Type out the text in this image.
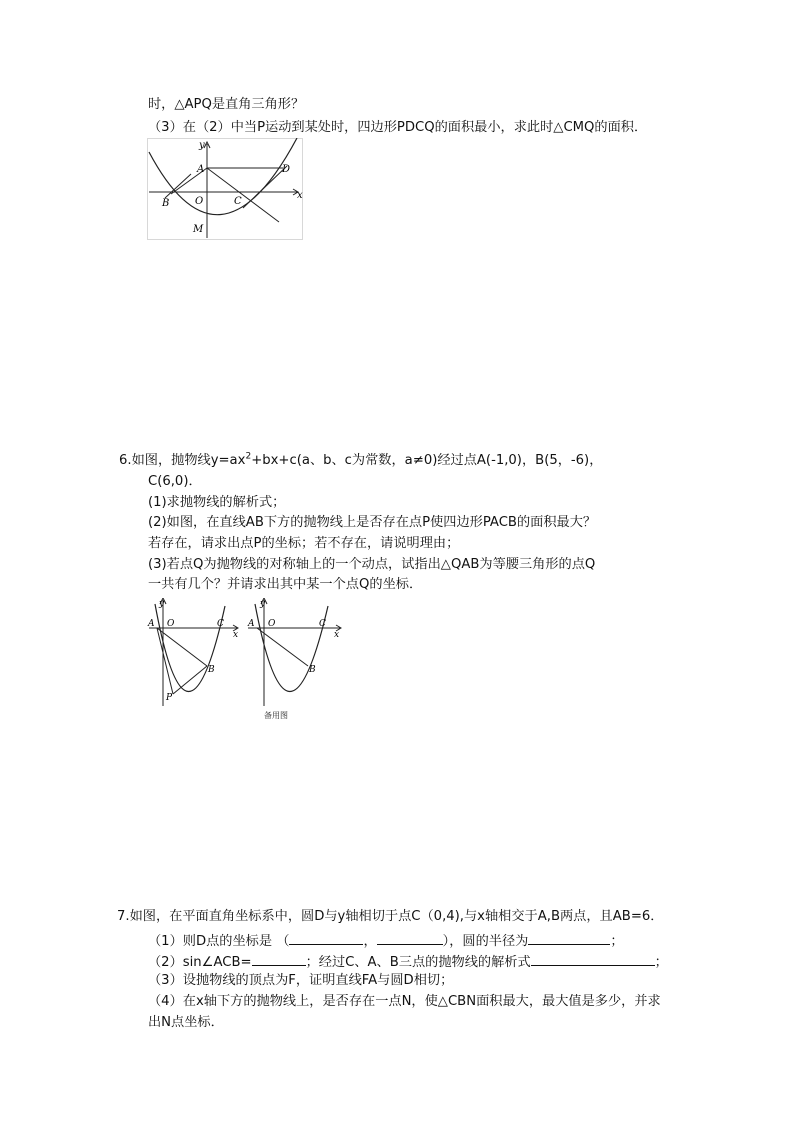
时，△APQ是直角三角形？
（3）在（2）中当P运动到某处时，四边形PDCQ的面积最小，求此时△CMQ的面积．
y
x
A	D
B	O	C
M
6.如图，抛物线$y=ax^2+bx+c(a$、b、c为常数，a≠0)经过点A(-1,0)，B(5，-6)，
C(6,0)．
(1)求抛物线的解析式；
(2)如图，在直线AB下方的抛物线上是否存在点P使四边形PACB的面积最大？
若存在，请求出点P的坐标；若不存在，请说明理由；
(3)若点Q为抛物线的对称轴上的一个动点，试指出△QAB为等腰三角形的点Q
一共有几个？并请求出其中某一个点Q的坐标．
y
x
A O	C
B
P
y
x
A O	C
B
备用图
7.如图，在平面直角坐标系中，圆D与y轴相切于点C（0,4),与x轴相交于A,B两点，且AB=6．
（1）则D点的坐标是 （	，	），圆的半径为	；
（2）sin∠ACB=	；经过C、A、B三点的抛物线的解析式	；
（3）设抛物线的顶点为F，证明直线FA与圆D相切；
（4）在x轴下方的抛物线上，是否存在一点N，使△CBN面积最大，最大值是多少，并求
出N点坐标．
